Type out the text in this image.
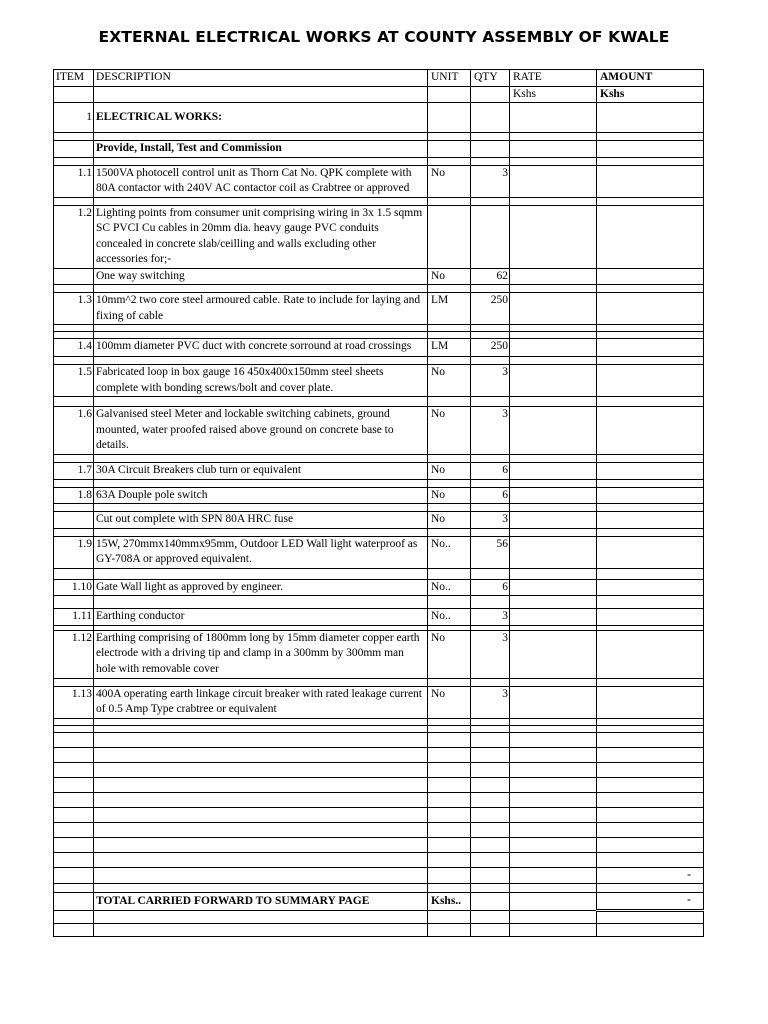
EXTERNAL ELECTRICAL WORKS AT COUNTY ASSEMBLY OF KWALE
ITEM	DESCRIPTION	UNIT	QTY	RATE	AMOUNT
				Kshs	Kshs
1	ELECTRICAL WORKS:				

	Provide, Install, Test and Commission				

1.1	1500VA photocell control unit as Thorn Cat No. QPK complete with 80A contactor with 240V AC contactor coil as Crabtree or approved	No	3		

1.2	Lighting points from consumer unit comprising wiring in 3x 1.5 sqmm SC PVCI Cu cables in 20mm dia. heavy gauge PVC conduits concealed in concrete slab/ceilling and walls excluding other accessories for;-				
	One way switching	No	62		

1.3	10mm^2 two core steel armoured cable. Rate to include for laying and fixing of cable	LM	250		

1.4	100mm diameter PVC duct with concrete sorround at road crossings	LM	250		

1.5	Fabricated loop in box gauge 16 450x400x150mm steel sheets complete with bonding screws/bolt and cover plate.	No	3		

1.6	Galvanised steel Meter and lockable switching cabinets, ground mounted, water proofed raised above ground on concrete base to details.	No	3		

1.7	30A Circuit Breakers club turn or equivalent	No	6		

1.8	63A Douple pole switch	No	6		

	Cut out complete with SPN 80A HRC fuse	No	3		

1.9	15W, 270mmx140mmx95mm, Outdoor LED Wall light waterproof as GY-708A or approved equivalent.	No..	56		

1.10	Gate Wall light as approved by engineer.	No..	6		

1.11	Earthing conductor	No..	3		

1.12	Earthing comprising of 1800mm long by 15mm diameter copper earth electrode with a driving tip and clamp in a 300mm by 300mm man hole with removable cover	No	3		

1.13	400A operating earth linkage circuit breaker with rated leakage current of 0.5 Amp Type crabtree or equivalent	No	3		

					-

	TOTAL CARRIED FORWARD TO SUMMARY PAGE	Kshs..			-
